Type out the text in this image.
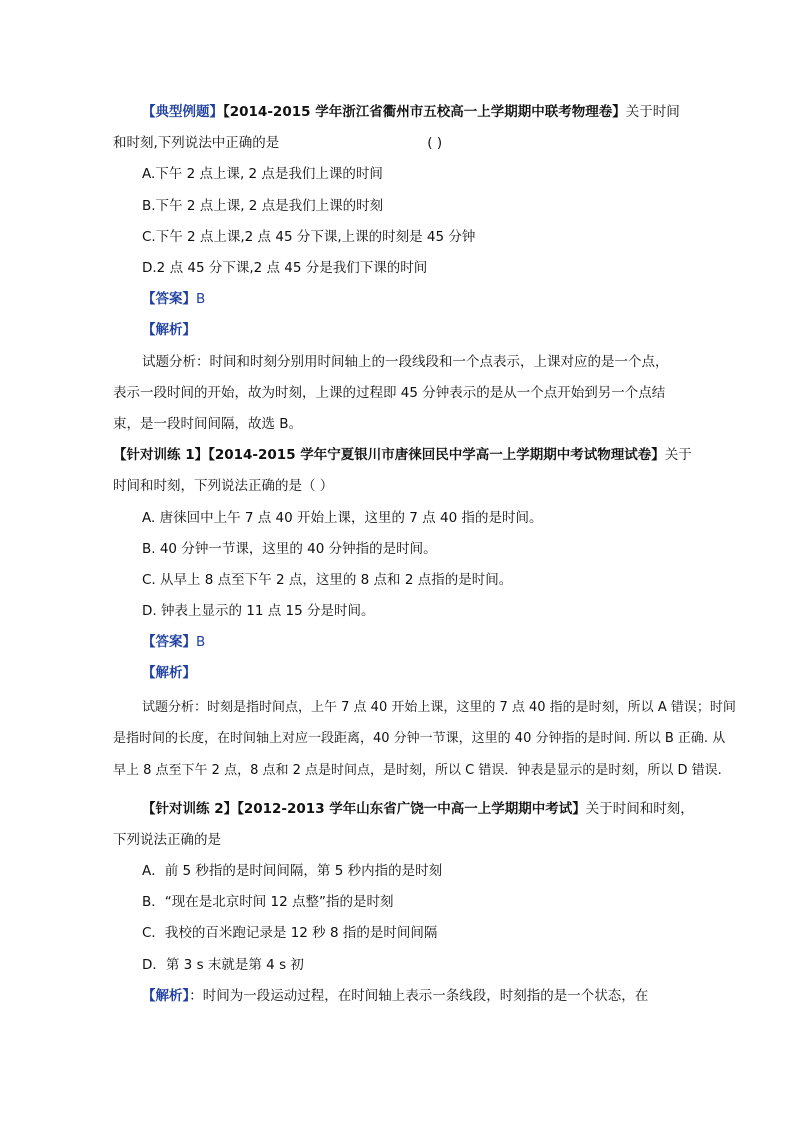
【典型例题】【2014-2015 学年浙江省衢州市五校高一上学期期中联考物理卷】关于时间
和时刻,下列说法中正确的是	( )
A.下午 2 点上课, 2 点是我们上课的时间
B.下午 2 点上课, 2 点是我们上课的时刻
C.下午 2 点上课,2 点 45 分下课,上课的时刻是 45 分钟
D.2 点 45 分下课,2 点 45 分是我们下课的时间
【答案】B
【解析】
试题分析：时间和时刻分别用时间轴上的一段线段和一个点表示，上课对应的是一个点，
表示一段时间的开始，故为时刻，上课的过程即 45 分钟表示的是从一个点开始到另一个点结
束，是一段时间间隔，故选 B。
【针对训练 1】【2014-2015 学年宁夏银川市唐徕回民中学高一上学期期中考试物理试卷】关于
时间和时刻，下列说法正确的是（ ）
A. 唐徕回中上午 7 点 40 开始上课，这里的 7 点 40 指的是时间。
B. 40 分钟一节课，这里的 40 分钟指的是时间。
C. 从早上 8 点至下午 2 点，这里的 8 点和 2 点指的是时间。
D. 钟表上显示的 11 点 15 分是时间。
【答案】B
【解析】
试题分析：时刻是指时间点，上午 7 点 40 开始上课，这里的 7 点 40 指的是时刻，所以 A 错误；时间
是指时间的长度，在时间轴上对应一段距离，40 分钟一节课，这里的 40 分钟指的是时间. 所以 B 正确. 从
早上 8 点至下午 2 点，8 点和 2 点是时间点，是时刻，所以 C 错误．钟表是显示的是时刻，所以 D 错误.
【针对训练 2】【2012-2013 学年山东省广饶一中高一上学期期中考试】关于时间和时刻，
下列说法正确的是
A．前 5 秒指的是时间间隔，第 5 秒内指的是时刻
B．“现在是北京时间 12 点整”指的是时刻
C．我校的百米跑记录是 12 秒 8 指的是时间间隔
D．第 3 s 末就是第 4 s 初
【解析】：时间为一段运动过程，在时间轴上表示一条线段，时刻指的是一个状态，在
